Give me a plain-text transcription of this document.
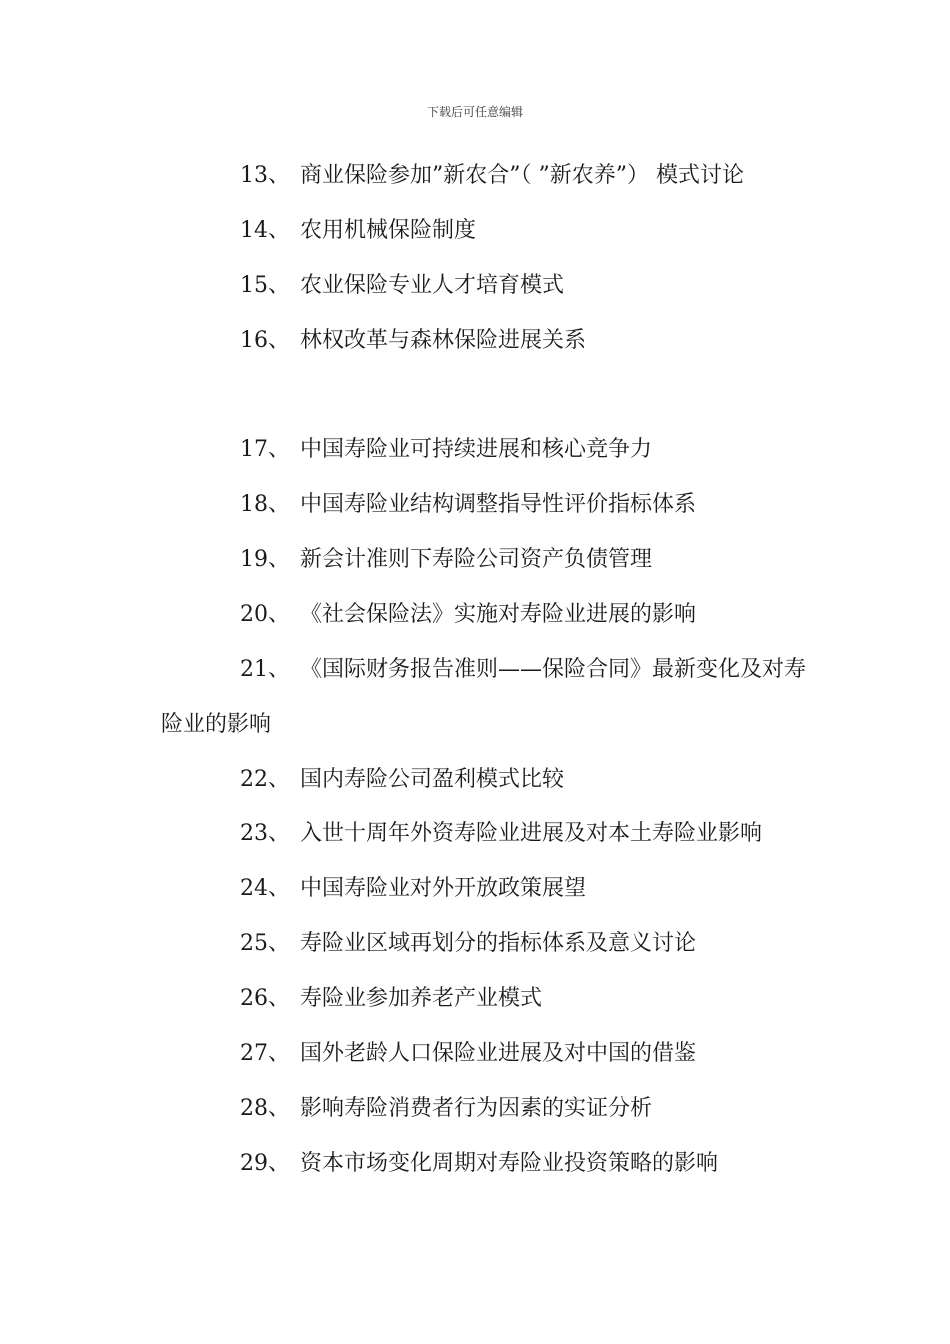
下载后可任意编辑
13、 商业保险参加”新农合”（ ”新农养”） 模式讨论
14、 农用机械保险制度
15、 农业保险专业人才培育模式
16、 林权改革与森林保险进展关系
17、 中国寿险业可持续进展和核心竞争力
18、 中国寿险业结构调整指导性评价指标体系
19、 新会计准则下寿险公司资产负债管理
20、 《社会保险法》实施对寿险业进展的影响
21、 《国际财务报告准则——保险合同》最新变化及对寿
险业的影响
22、 国内寿险公司盈利模式比较
23、 入世十周年外资寿险业进展及对本土寿险业影响
24、 中国寿险业对外开放政策展望
25、 寿险业区域再划分的指标体系及意义讨论
26、 寿险业参加养老产业模式
27、 国外老龄人口保险业进展及对中国的借鉴
28、 影响寿险消费者行为因素的实证分析
29、 资本市场变化周期对寿险业投资策略的影响
